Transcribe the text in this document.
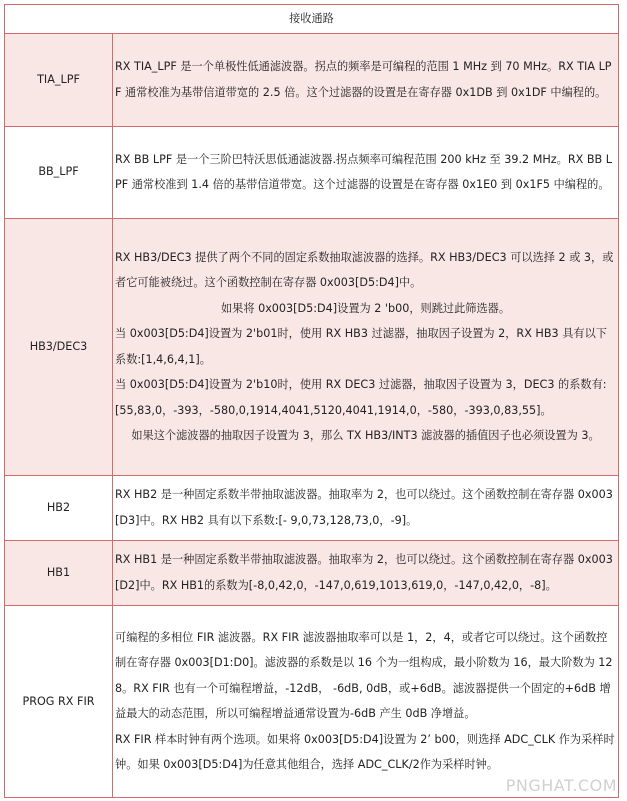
接收通路	
TIA_LPF	RX TIA_LPF 是一个单极性低通滤波器。拐点的频率是可编程的范围 1 MHz 到 70 MHz。RX TIA LPF 通常校准为基带信道带宽的 2.5 倍。这个过滤器的设置是在寄存器 0x1DB 到 0x1DF 中编程的。

BB_LPF	RX BB LPF 是一个三阶巴特沃思低通滤波器.拐点频率可编程范围 200 kHz 至 39.2 MHz。RX BB LPF 通常校准到 1.4 倍的基带信道带宽。这个过滤器的设置是在寄存器 0x1E0 到 0x1F5 中编程的。

HB3/DEC3	RX HB3/DEC3 提供了两个不同的固定系数抽取滤波器的选择。RX HB3/DEC3 可以选择 2 或 3，或者它可能被绕过。这个函数控制在寄存器 0x003[D5:D4]中。
如果将 0x003[D5:D4]设置为 2 'b00，则跳过此筛选器。
当 0x003[D5:D4]设置为 2'b01时，使用 RX HB3 过滤器，抽取因子设置为 2，RX HB3 具有以下系数:[1,4,6,4,1]。
当 0x003[D5:D4]设置为 2'b10时，使用 RX DEC3 过滤器，抽取因子设置为 3，DEC3 的系数有:[55,83,0，-393，-580,0,1914,4041,5120,4041,1914,0，-580，-393,0,83,55]。
如果这个滤波器的抽取因子设置为 3，那么 TX HB3/INT3 滤波器的插值因子也必须设置为 3。

HB2	RX HB2 是一种固定系数半带抽取滤波器。抽取率为 2，也可以绕过。这个函数控制在寄存器 0x003[D3]中。RX HB2 具有以下系数:[- 9,0,73,128,73,0，-9]。

HB1	RX HB1 是一种固定系数半带抽取滤波器。抽取率为 2，也可以绕过。这个函数控制在寄存器 0x003[D2]中。RX HB1的系数为[-8,0,42,0，-147,0,619,1013,619,0，-147,0,42,0，-8]。

PROG RX FIR	可编程的多相位 FIR 滤波器。RX FIR 滤波器抽取率可以是 1，2，4，或者它可以绕过。这个函数控制在寄存器 0x003[D1:D0]。滤波器的系数是以 16 个为一组构成，最小阶数为 16，最大阶数为 128。RX FIR 也有一个可编程增益，-12dB， -6dB, 0dB，或+6dB。滤波器提供一个固定的+6dB 增益最大的动态范围，所以可编程增益通常设置为-6dB 产生 0dB 净增益。
RX FIR 样本时钟有两个选项。如果将 0x003[D5:D4]设置为 2’ b00，则选择 ADC_CLK 作为采样时钟。如果 0x003[D5:D4]为任意其他组合，选择 ADC_CLK/2作为采样时钟。
PNGHAT.COM
